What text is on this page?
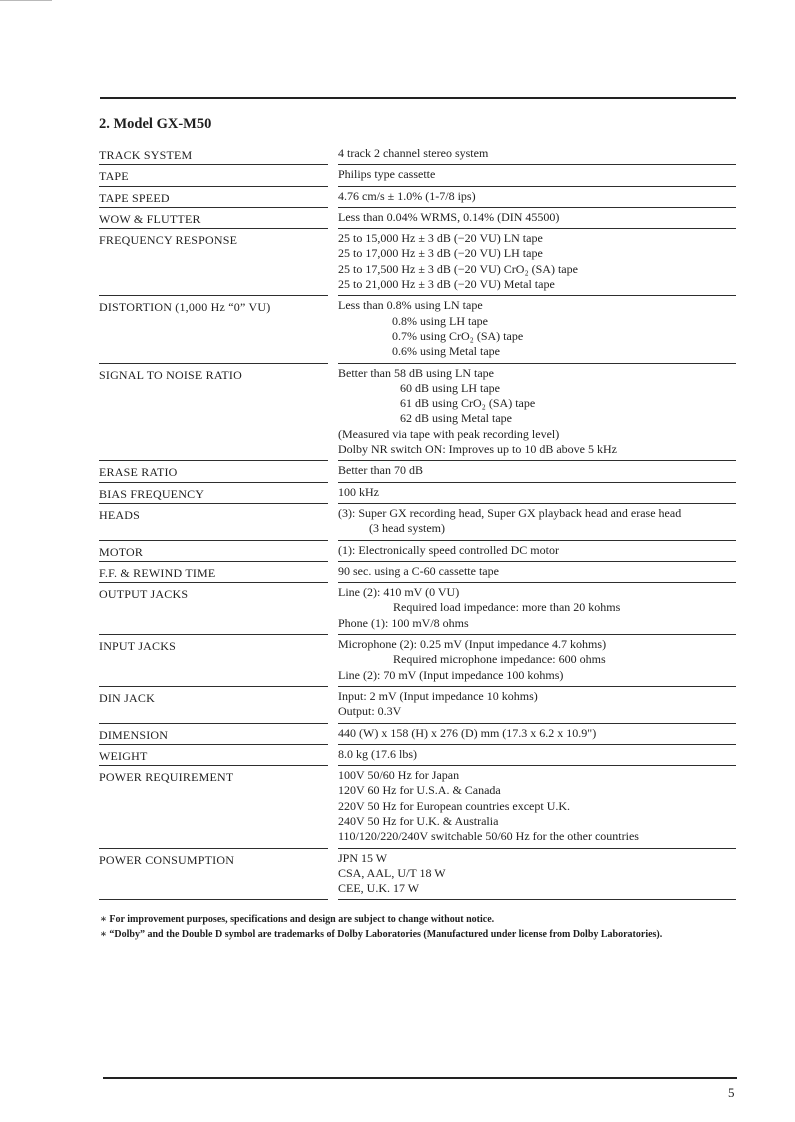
2. Model GX-M50
TRACK SYSTEM	4 track 2 channel stereo system
TAPE	Philips type cassette
TAPE SPEED	4.76 cm/s ± 1.0% (1-7/8 ips)
WOW & FLUTTER	Less than 0.04% WRMS, 0.14% (DIN 45500)
FREQUENCY RESPONSE	25 to 15,000 Hz ± 3 dB (−20 VU) LN tape
25 to 17,000 Hz ± 3 dB (−20 VU) LH tape
25 to 17,500 Hz ± 3 dB (−20 VU) CrO₂ (SA) tape
25 to 21,000 Hz ± 3 dB (−20 VU) Metal tape
DISTORTION (1,000 Hz “0” VU)	Less than 0.8% using LN tape
0.8% using LH tape
0.7% using CrO₂ (SA) tape
0.6% using Metal tape
SIGNAL TO NOISE RATIO	Better than 58 dB using LN tape
60 dB using LH tape
61 dB using CrO₂ (SA) tape
62 dB using Metal tape
(Measured via tape with peak recording level)
Dolby NR switch ON: Improves up to 10 dB above 5 kHz
ERASE RATIO	Better than 70 dB
BIAS FREQUENCY	100 kHz
HEADS	(3): Super GX recording head, Super GX playback head and erase head
(3 head system)
MOTOR	(1): Electronically speed controlled DC motor
F.F. & REWIND TIME	90 sec. using a C-60 cassette tape
OUTPUT JACKS	Line (2): 410 mV (0 VU)
Required load impedance: more than 20 kohms
Phone (1): 100 mV/8 ohms
INPUT JACKS	Microphone (2): 0.25 mV (Input impedance 4.7 kohms)
Required microphone impedance: 600 ohms
Line (2): 70 mV (Input impedance 100 kohms)
DIN JACK	Input: 2 mV (Input impedance 10 kohms)
Output: 0.3V
DIMENSION	440 (W) x 158 (H) x 276 (D) mm (17.3 x 6.2 x 10.9")
WEIGHT	8.0 kg (17.6 lbs)
POWER REQUIREMENT	100V 50/60 Hz for Japan
120V 60 Hz for U.S.A. & Canada
220V 50 Hz for European countries except U.K.
240V 50 Hz for U.K. & Australia
110/120/220/240V switchable 50/60 Hz for the other countries
POWER CONSUMPTION	JPN 15 W
CSA, AAL, U/T 18 W
CEE, U.K. 17 W

∗ For improvement purposes, specifications and design are subject to change without notice.

∗ “Dolby” and the Double D symbol are trademarks of Dolby Laboratories (Manufactured under license from Dolby Laboratories).

5
